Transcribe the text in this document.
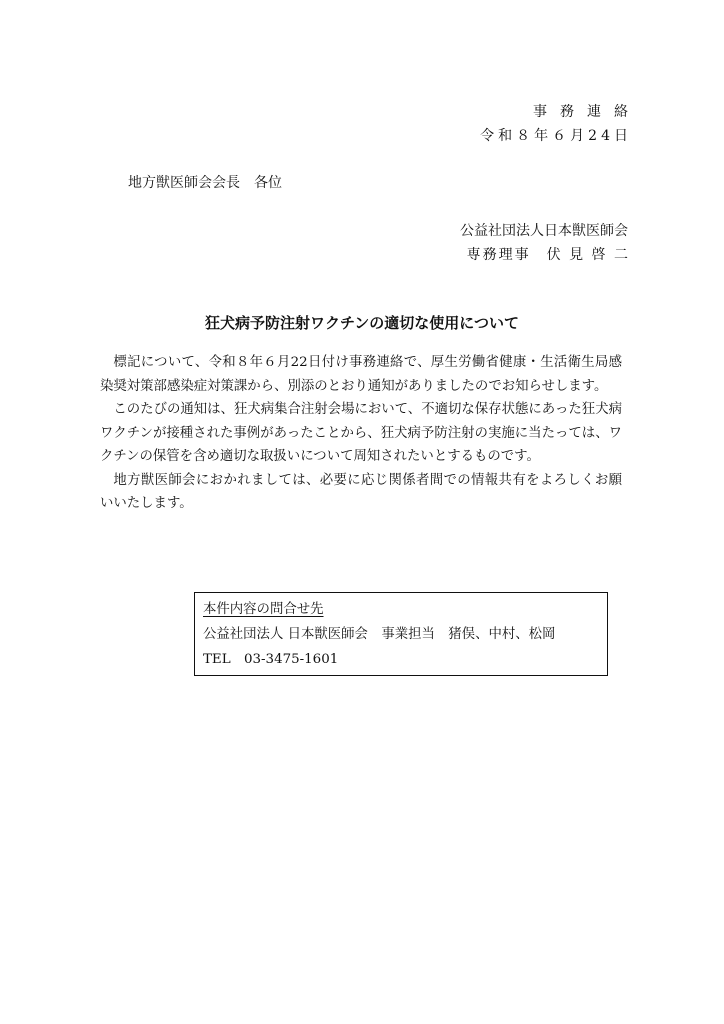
事務連絡
令和８年６月24日
地方獣医師会会長　各位
公益社団法人日本獣医師会
専務理事　伏 見 啓 二
狂犬病予防注射ワクチンの適切な使用について

標記について、令和８年６月22日付け事務連絡で、厚生労働省健康・生活衛生局感染奨対策部感染症対策課から、別添のとおり通知がありましたのでお知らせします。

このたびの通知は、狂犬病集合注射会場において、不適切な保存状態にあった狂犬病ワクチンが接種された事例があったことから、狂犬病予防注射の実施に当たっては、ワクチンの保管を含め適切な取扱いについて周知されたいとするものです。

地方獣医師会におかれましては、必要に応じ関係者間での情報共有をよろしくお願いいたします。

本件内容の問合せ先
公益社団法人 日本獣医師会　事業担当　猪俣、中村、松岡
TEL　03-3475-1601
